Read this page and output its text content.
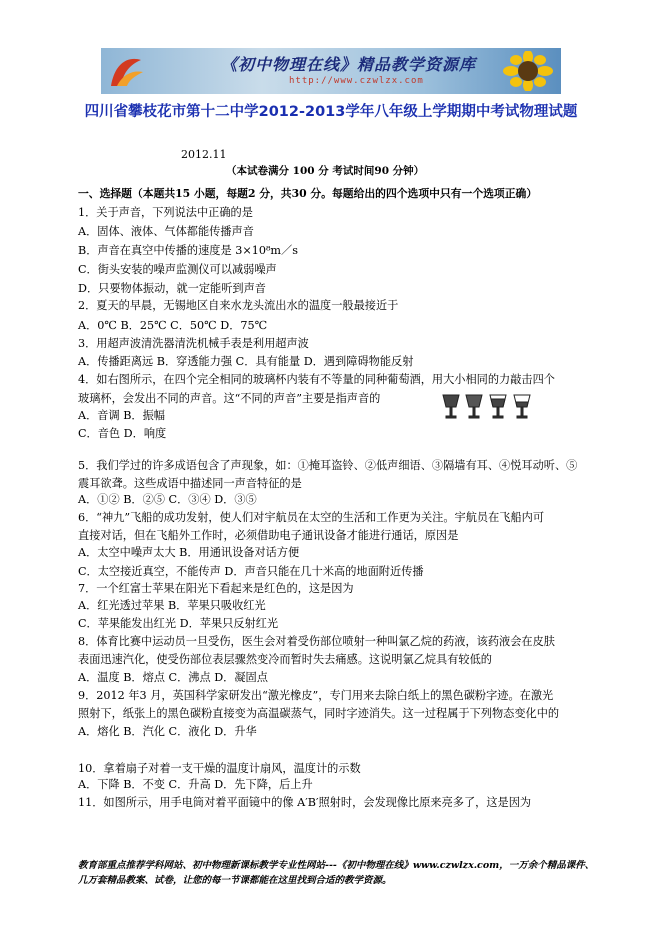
《初中物理在线》精品教学资源库
http://www.czwlzx.com
四川省攀枝花市第十二中学2012-2013学年八年级上学期期中考试物理试题
2012.11
（本试卷满分 100 分 考试时间90 分钟）
一、选择题（本题共15 小题，每题2 分，共30 分。每题给出的四个选项中只有一个选项正确）
1．关于声音，下列说法中正确的是
A．固体、液体、气体都能传播声音
B．声音在真空中传播的速度是 3×10⁸m／s
C．街头安装的噪声监测仪可以减弱噪声
D．只要物体振动，就一定能听到声音
2．夏天的早晨，无锡地区自来水龙头流出水的温度一般最接近于
A．0℃ B．25℃ C．50℃ D．75℃
3．用超声波清洗器清洗机械手表是利用超声波
A．传播距离远 B．穿透能力强 C．具有能量 D．遇到障碍物能反射
4．如右图所示，在四个完全相同的玻璃杯内装有不等量的同种葡萄酒，用大小相同的力敲击四个
玻璃杯，会发出不同的声音。这“不同的声音”主要是指声音的
A．音调 B．振幅
C．音色 D．响度
5．我们学过的许多成语包含了声现象，如：①掩耳盗铃、②低声细语、③隔墙有耳、④悦耳动听、⑤
震耳欲聋。这些成语中描述同一声音特征的是
A．①② B．②⑤ C．③④ D．③⑤
6．“神九”飞船的成功发射，使人们对宇航员在太空的生活和工作更为关注。宇航员在飞船内可
直接对话，但在飞船外工作时，必须借助电子通讯设备才能进行通话，原因是
A．太空中噪声太大 B．用通讯设备对话方便
C．太空接近真空，不能传声 D．声音只能在几十米高的地面附近传播
7．一个红富士苹果在阳光下看起来是红色的，这是因为
A．红光透过苹果 B．苹果只吸收红光
C．苹果能发出红光 D．苹果只反射红光
8．体育比赛中运动员一旦受伤，医生会对着受伤部位喷射一种叫氯乙烷的药液，该药液会在皮肤
表面迅速汽化，使受伤部位表层骤然变冷而暂时失去痛感。这说明氯乙烷具有较低的
A．温度 B．熔点 C．沸点 D．凝固点
9．2012 年3 月，英国科学家研发出“激光橡皮”，专门用来去除白纸上的黑色碳粉字迹。在激光
照射下，纸张上的黑色碳粉直接变为高温碳蒸气，同时字迹消失。这一过程属于下列物态变化中的
A．熔化 B．汽化 C．液化 D．升华
10．拿着扇子对着一支干燥的温度计扇风，温度计的示数
A．下降 B．不变 C．升高 D．先下降，后上升
11．如图所示，用手电筒对着平面镜中的像 A′B′照射时，会发现像比原来亮多了，这是因为
教育部重点推荐学科网站、初中物理新课标教学专业性网站---《初中物理在线》www.czwlzx.com，一万余个精品课件、几万套精品教案、试卷，让您的每一节课都能在这里找到合适的教学资源。
